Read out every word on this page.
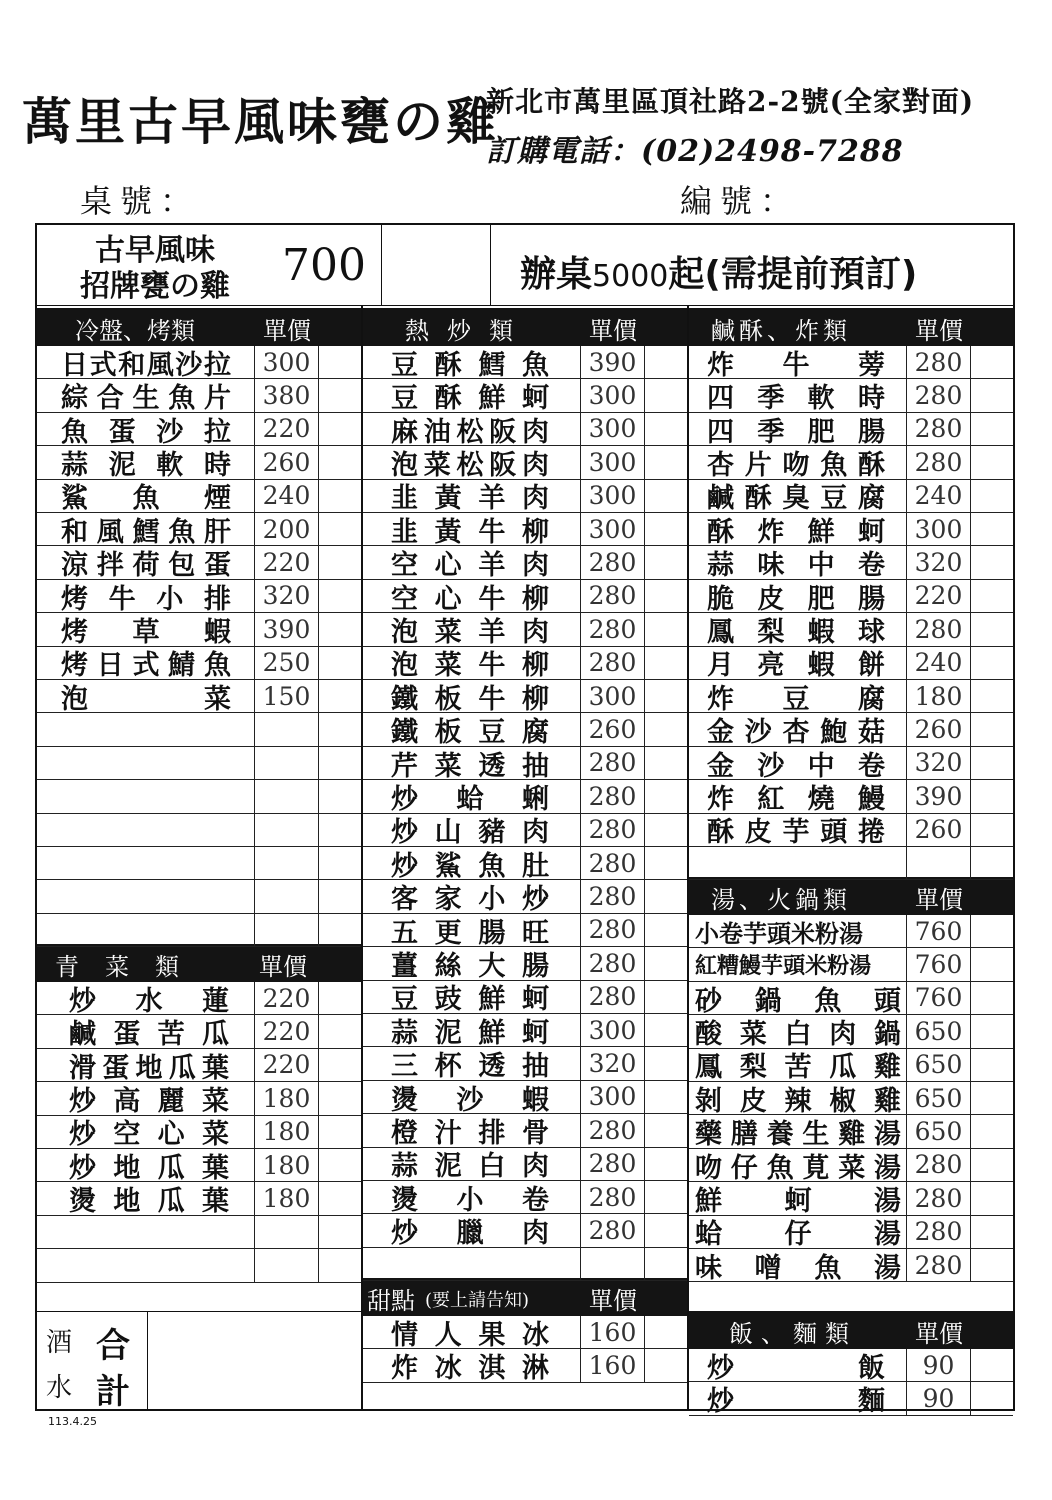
萬里古早風味甕の雞
新北市萬里區頂社路2-2號(全家對面)
訂購電話：(02)2498-7288
桌號：	編號：
古早風味
招牌甕の雞	700	辦桌5000起(需提前預訂)
冷盤、烤類	單價	熱炒類 單價	鹹酥、炸類	單價
青菜類 單價
湯、火鍋類	單價
甜點 (要上請告知) 單價
飯、麵類 單價
日 式 和 風 沙 拉	300
綜 合 生 魚 片	380
魚 蛋 沙 拉	220
蒜 泥 軟 時	260
鯊 魚 煙	240
和 風 鱈 魚 肝	200
涼 拌 荷 包 蛋	220
烤 牛 小 排	320
烤 草 蝦	390
烤 日 式 鯖 魚	250
泡	菜	150
炒 水 蓮	220
鹹 蛋 苦 瓜	220
滑 蛋 地 瓜 葉	220
炒 高 麗 菜	180
炒 空 心 菜	180
炒 地 瓜 葉	180
燙 地 瓜 葉	180
豆 酥 鱈 魚	390
豆 酥 鮮 蚵	300
麻 油 松 阪 肉	300
泡 菜 松 阪 肉	300
韭 黃 羊 肉	300
韭 黃 牛 柳	300
空 心 羊 肉	280
空 心 牛 柳	280
泡 菜 羊 肉	280
泡 菜 牛 柳	280
鐵 板 牛 柳	300
鐵 板 豆 腐	260
芹 菜 透 抽	280
炒 蛤 蜊	280
炒 山 豬 肉	280
炒 鯊 魚 肚	280
客 家 小 炒	280
五 更 腸 旺	280
薑 絲 大 腸	280
豆 豉 鮮 蚵	280
蒜 泥 鮮 蚵	300
三 杯 透 抽	320
燙 沙 蝦	300
橙 汁 排 骨	280
蒜 泥 白 肉	280
燙 小 卷	280
炒 臘 肉	280
情 人 果 冰	160
炸 冰 淇 淋	160
炸 牛 蒡	280
四 季 軟 時	280
四 季 肥 腸	280
杏 片 吻 魚 酥	280
鹹 酥 臭 豆 腐	240
酥 炸 鮮 蚵	300
蒜 味 中 卷	320
脆 皮 肥 腸	220
鳳 梨 蝦 球	280
月 亮 蝦 餅	240
炸 豆 腐	180
金 沙 杏 鮑 菇	260
金 沙 中 卷	320
炸 紅 燒 鰻	390
酥 皮 芋 頭 捲	260
小 卷 芋 頭 米 粉 湯	760
紅 糟 鰻 芋 頭 米 粉 湯	760
砂 鍋 魚 頭 760
酸 菜 白 肉 鍋 650
鳳 梨 苦 瓜 雞 650
剝 皮 辣 椒 雞 650
藥 膳 養 生 雞 湯 650
吻 仔 魚 莧 菜 湯 280
鮮 蚵 湯 280
蛤 仔 湯 280
味 噌 魚 湯 280
炒	飯	90
炒	麵	90
酒
水
合
計
113.4.25
